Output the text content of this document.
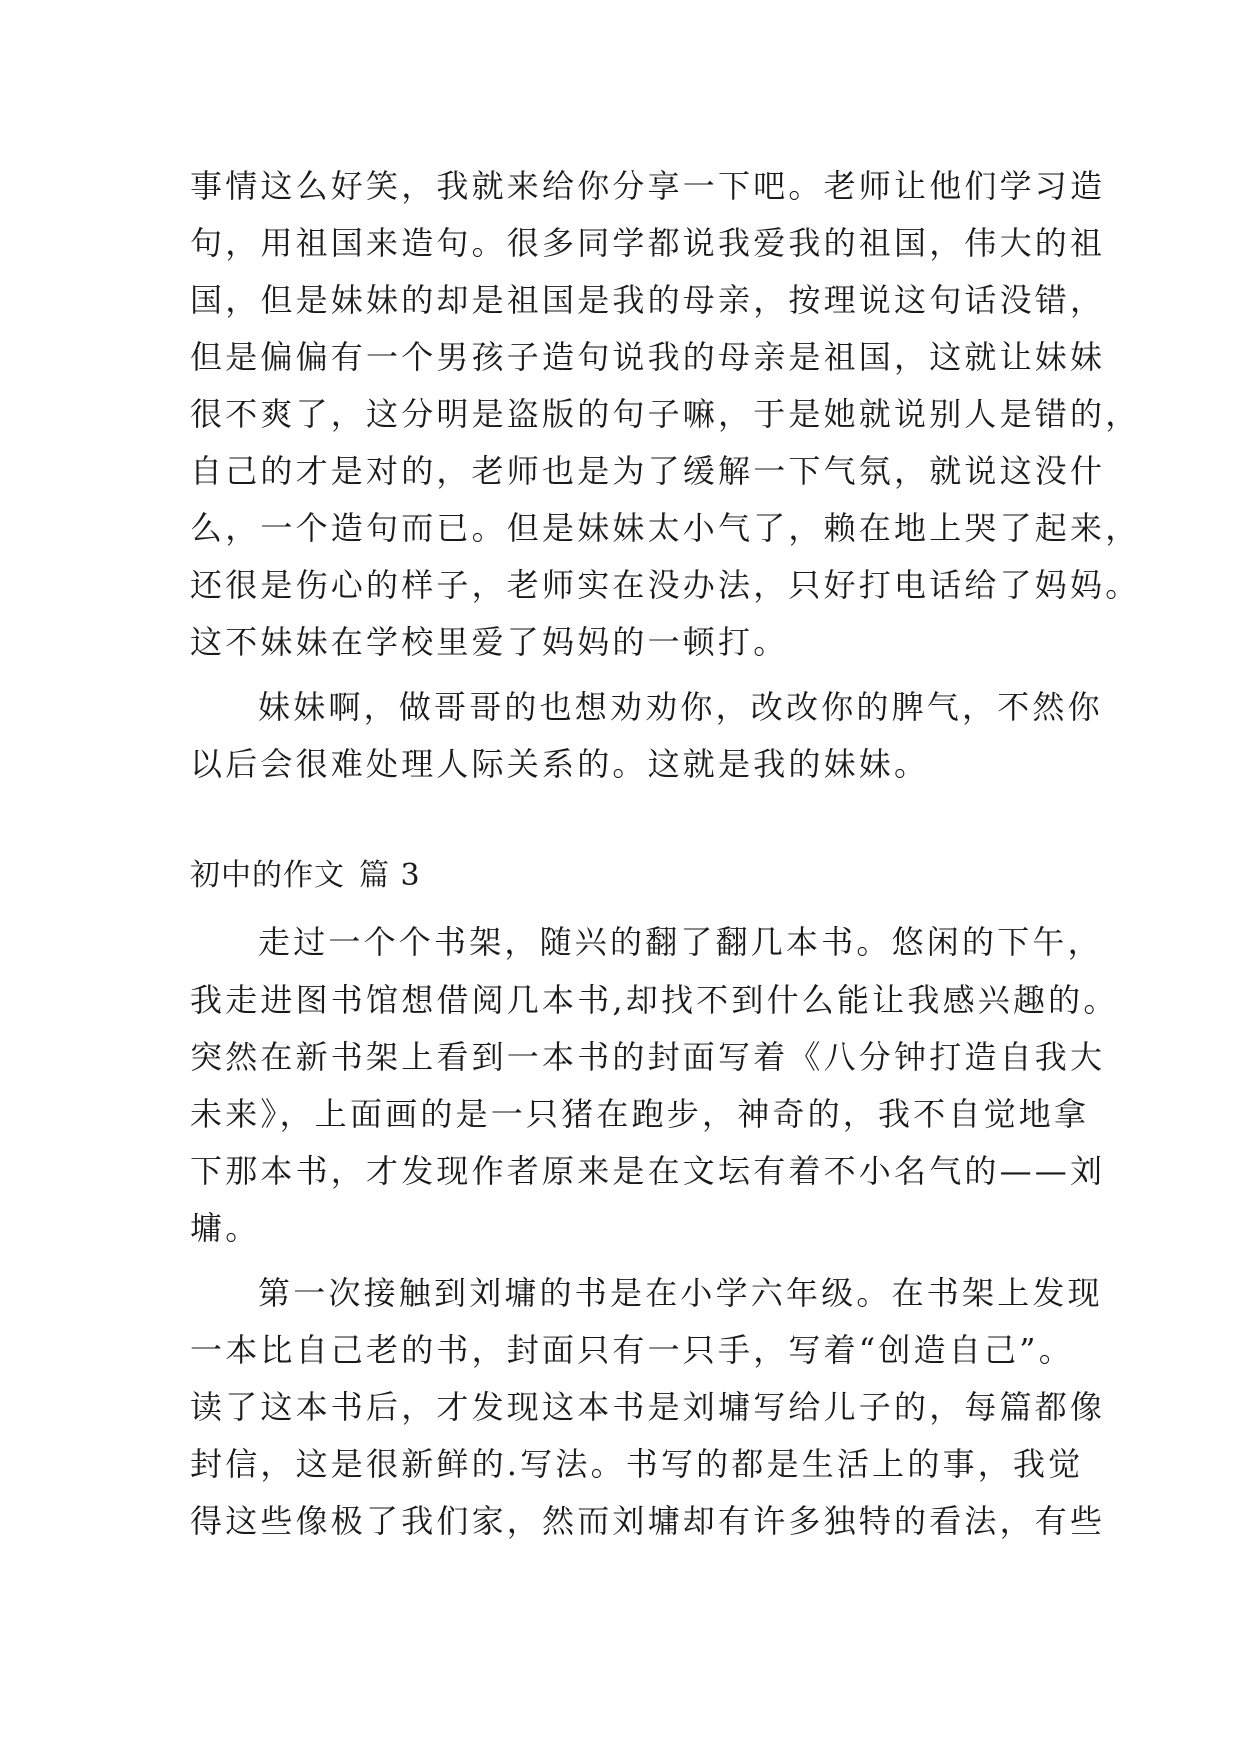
事情这么好笑，我就来给你分享一下吧。老师让他们学习造
句，用祖国来造句。很多同学都说我爱我的祖国，伟大的祖
国，但是妹妹的却是祖国是我的母亲，按理说这句话没错，
但是偏偏有一个男孩子造句说我的母亲是祖国，这就让妹妹
很不爽了，这分明是盗版的句子嘛，于是她就说别人是错的，
自己的才是对的，老师也是为了缓解一下气氛，就说这没什
么，一个造句而已。但是妹妹太小气了，赖在地上哭了起来，
还很是伤心的样子，老师实在没办法，只好打电话给了妈妈。
这不妹妹在学校里爱了妈妈的一顿打。
妹妹啊，做哥哥的也想劝劝你，改改你的脾气，不然你
以后会很难处理人际关系的。这就是我的妹妹。
初中的作文 篇 3
走过一个个书架，随兴的翻了翻几本书。悠闲的下午，
我走进图书馆想借阅几本书,却找不到什么能让我感兴趣的。
突然在新书架上看到一本书的封面写着《八分钟打造自我大
未来》，上面画的是一只猪在跑步，神奇的，我不自觉地拿
下那本书，才发现作者原来是在文坛有着不小名气的——刘
墉。
第一次接触到刘墉的书是在小学六年级。在书架上发现
一本比自己老的书，封面只有一只手，写着“创造自己”。
读了这本书后，才发现这本书是刘墉写给儿子的，每篇都像
封信，这是很新鲜的.写法。书写的都是生活上的事，我觉
得这些像极了我们家，然而刘墉却有许多独特的看法，有些
